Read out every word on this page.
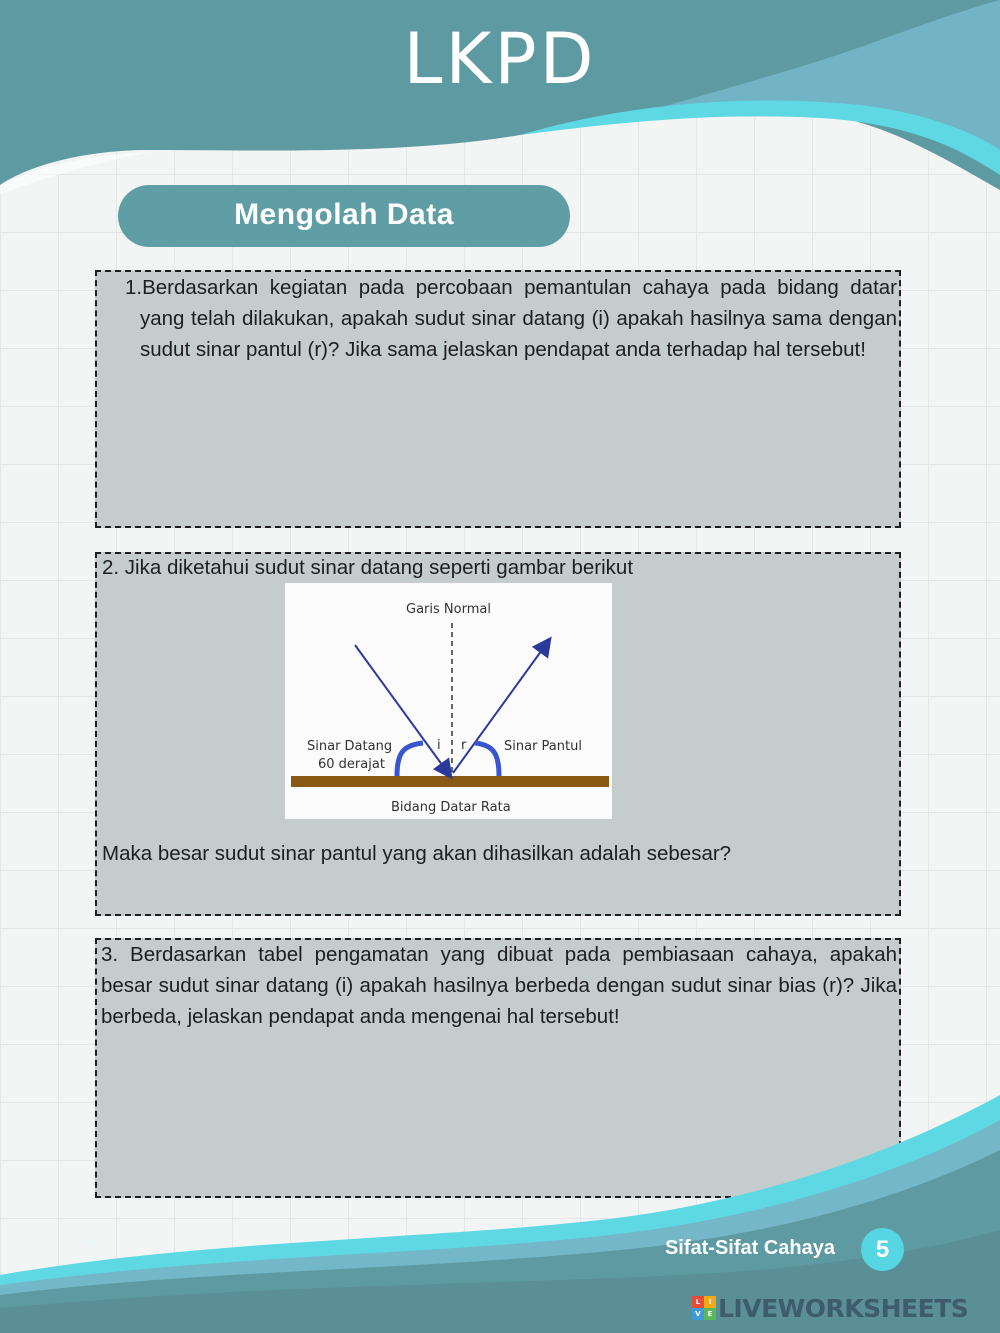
LKPD
Mengolah Data
1.Berdasarkan kegiatan pada percobaan pemantulan cahaya pada bidang datar yang telah dilakukan, apakah sudut sinar datang (i) apakah hasilnya sama dengan sudut sinar pantul (r)? Jika sama jelaskan pendapat anda terhadap hal tersebut!
2. Jika diketahui sudut sinar datang seperti gambar berikut
Garis Normal
Sinar Datang
60 derajat
i r	Sinar Pantul
Bidang Datar Rata
Maka besar sudut sinar pantul yang akan dihasilkan adalah sebesar?
3. Berdasarkan tabel pengamatan yang dibuat pada pembiasaan cahaya, apakah besar sudut sinar datang (i) apakah hasilnya berbeda dengan sudut sinar bias (r)? Jika berbeda, jelaskan pendapat anda mengenai hal tersebut!
P5	Sifat-Sifat Cahaya	5
L	I
V E LIVEWORKSHEETS
